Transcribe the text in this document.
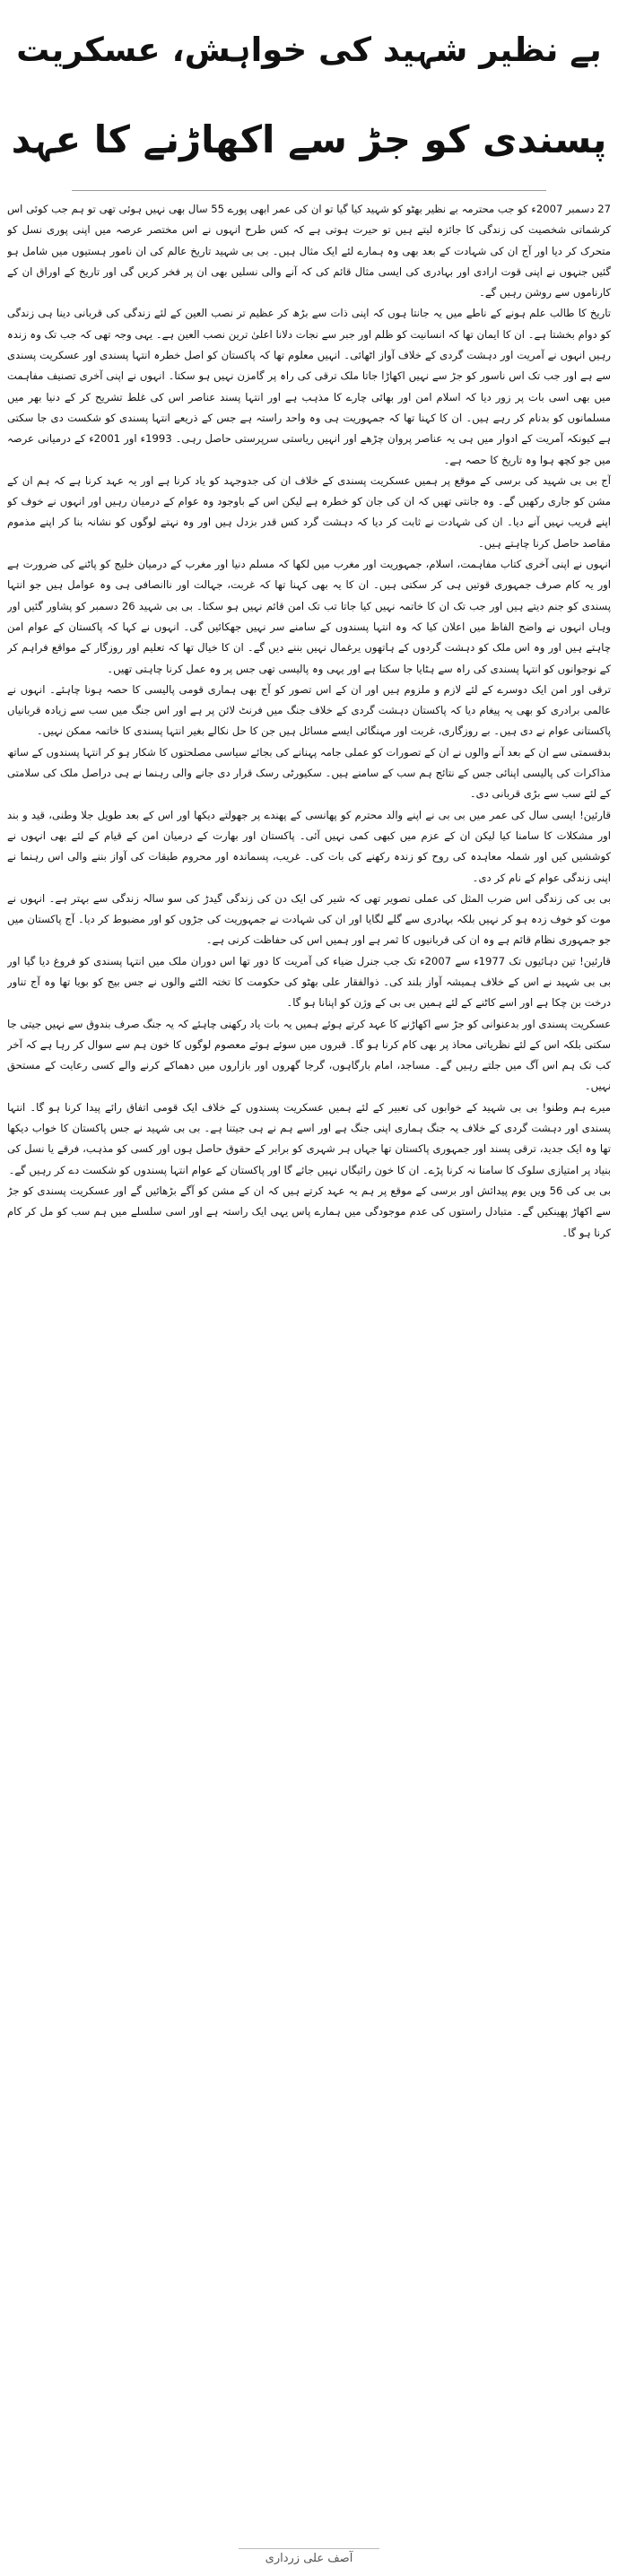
بے نظیر شہید کی خواہش، عسکریت
پسندی کو جڑ سے اکھاڑنے کا عہد

27 دسمبر 2007ء کو جب محترمہ بے نظیر بھٹو کو شہید کیا گیا تو ان کی عمر ابھی پورے 55 سال بھی نہیں ہوئی تھی تو ہم جب کوئی اس کرشماتی شخصیت کی زندگی کا جائزہ لیتے ہیں تو حیرت ہوتی ہے کہ کس طرح انہوں نے اس مختصر عرصہ میں اپنی پوری نسل کو متحرک کر دیا اور آج ان کی شہادت کے بعد بھی وہ ہمارے لئے ایک مثال ہیں۔ بی بی شہید تاریخ عالم کی ان نامور ہستیوں میں شامل ہو گئیں جنہوں نے اپنی قوت ارادی اور بہادری کی ایسی مثال قائم کی کہ آنے والی نسلیں بھی ان پر فخر کریں گی اور تاریخ کے اوراق ان کے کارناموں سے روشن رہیں گے۔

تاریخ کا طالب علم ہونے کے ناطے میں یہ جانتا ہوں کہ اپنی ذات سے بڑھ کر عظیم تر نصب العین کے لئے زندگی کی قربانی دینا ہی زندگی کو دوام بخشتا ہے۔ ان کا ایمان تھا کہ انسانیت کو ظلم اور جبر سے نجات دلانا اعلیٰ ترین نصب العین ہے۔ یہی وجہ تھی کہ جب تک وہ زندہ رہیں انہوں نے آمریت اور دہشت گردی کے خلاف آواز اٹھائی۔ انہیں معلوم تھا کہ پاکستان کو اصل خطرہ انتہا پسندی اور عسکریت پسندی سے ہے اور جب تک اس ناسور کو جڑ سے نہیں اکھاڑا جاتا ملک ترقی کی راہ پر گامزن نہیں ہو سکتا۔ انہوں نے اپنی آخری تصنیف مفاہمت میں بھی اسی بات پر زور دیا کہ اسلام امن اور بھائی چارے کا مذہب ہے اور انتہا پسند عناصر اس کی غلط تشریح کر کے دنیا بھر میں مسلمانوں کو بدنام کر رہے ہیں۔ ان کا کہنا تھا کہ جمہوریت ہی وہ واحد راستہ ہے جس کے ذریعے انتہا پسندی کو شکست دی جا سکتی ہے کیونکہ آمریت کے ادوار میں ہی یہ عناصر پروان چڑھے اور انہیں ریاستی سرپرستی حاصل رہی۔ 1993ء اور 2001ء کے درمیانی عرصہ میں جو کچھ ہوا وہ تاریخ کا حصہ ہے۔

آج بی بی شہید کی برسی کے موقع پر ہمیں عسکریت پسندی کے خلاف ان کی جدوجہد کو یاد کرنا ہے اور یہ عہد کرنا ہے کہ ہم ان کے مشن کو جاری رکھیں گے۔ وہ جانتی تھیں کہ ان کی جان کو خطرہ ہے لیکن اس کے باوجود وہ عوام کے درمیان رہیں اور انہوں نے خوف کو اپنے قریب نہیں آنے دیا۔ ان کی شہادت نے ثابت کر دیا کہ دہشت گرد کس قدر بزدل ہیں اور وہ نہتے لوگوں کو نشانہ بنا کر اپنے مذموم مقاصد حاصل کرنا چاہتے ہیں۔

انہوں نے اپنی آخری کتاب مفاہمت، اسلام، جمہوریت اور مغرب میں لکھا کہ مسلم دنیا اور مغرب کے درمیان خلیج کو پاٹنے کی ضرورت ہے اور یہ کام صرف جمہوری قوتیں ہی کر سکتی ہیں۔ ان کا یہ بھی کہنا تھا کہ غربت، جہالت اور ناانصافی ہی وہ عوامل ہیں جو انتہا پسندی کو جنم دیتے ہیں اور جب تک ان کا خاتمہ نہیں کیا جاتا تب تک امن قائم نہیں ہو سکتا۔ بی بی شہید 26 دسمبر کو پشاور گئیں اور وہاں انہوں نے واضح الفاظ میں اعلان کیا کہ وہ انتہا پسندوں کے سامنے سر نہیں جھکائیں گی۔ انہوں نے کہا کہ پاکستان کے عوام امن چاہتے ہیں اور وہ اس ملک کو دہشت گردوں کے ہاتھوں یرغمال نہیں بننے دیں گے۔ ان کا خیال تھا کہ تعلیم اور روزگار کے مواقع فراہم کر کے نوجوانوں کو انتہا پسندی کی راہ سے ہٹایا جا سکتا ہے اور یہی وہ پالیسی تھی جس پر وہ عمل کرنا چاہتی تھیں۔

ترقی اور امن ایک دوسرے کے لئے لازم و ملزوم ہیں اور ان کے اس تصور کو آج بھی ہماری قومی پالیسی کا حصہ ہونا چاہئے۔ انہوں نے عالمی برادری کو بھی یہ پیغام دیا کہ پاکستان دہشت گردی کے خلاف جنگ میں فرنٹ لائن پر ہے اور اس جنگ میں سب سے زیادہ قربانیاں پاکستانی عوام نے دی ہیں۔ بے روزگاری، غربت اور مہنگائی ایسے مسائل ہیں جن کا حل نکالے بغیر انتہا پسندی کا خاتمہ ممکن نہیں۔

بدقسمتی سے ان کے بعد آنے والوں نے ان کے تصورات کو عملی جامہ پہنانے کی بجائے سیاسی مصلحتوں کا شکار ہو کر انتہا پسندوں کے ساتھ مذاکرات کی پالیسی اپنائی جس کے نتائج ہم سب کے سامنے ہیں۔ سکیورٹی رسک قرار دی جانے والی رہنما نے ہی دراصل ملک کی سلامتی کے لئے سب سے بڑی قربانی دی۔

قارئین! ایسی سال کی عمر میں بی بی نے اپنے والد محترم کو پھانسی کے پھندے پر جھولتے دیکھا اور اس کے بعد طویل جلا وطنی، قید و بند اور مشکلات کا سامنا کیا لیکن ان کے عزم میں کبھی کمی نہیں آئی۔ پاکستان اور بھارت کے درمیان امن کے قیام کے لئے بھی انہوں نے کوششیں کیں اور شملہ معاہدہ کی روح کو زندہ رکھنے کی بات کی۔ غریب، پسماندہ اور محروم طبقات کی آواز بننے والی اس رہنما نے اپنی زندگی عوام کے نام کر دی۔

بی بی کی زندگی اس ضرب المثل کی عملی تصویر تھی کہ شیر کی ایک دن کی زندگی گیدڑ کی سو سالہ زندگی سے بہتر ہے۔ انہوں نے موت کو خوف زدہ ہو کر نہیں بلکہ بہادری سے گلے لگایا اور ان کی شہادت نے جمہوریت کی جڑوں کو اور مضبوط کر دیا۔ آج پاکستان میں جو جمہوری نظام قائم ہے وہ ان کی قربانیوں کا ثمر ہے اور ہمیں اس کی حفاظت کرنی ہے۔

قارئین! تین دہائیوں تک 1977ء سے 2007ء تک جب جنرل ضیاء کی آمریت کا دور تھا اس دوران ملک میں انتہا پسندی کو فروغ دیا گیا اور بی بی شہید نے اس کے خلاف ہمیشہ آواز بلند کی۔ ذوالفقار علی بھٹو کی حکومت کا تختہ الٹنے والوں نے جس بیج کو بویا تھا وہ آج تناور درخت بن چکا ہے اور اسے کاٹنے کے لئے ہمیں بی بی کے وژن کو اپنانا ہو گا۔

عسکریت پسندی اور بدعنوانی کو جڑ سے اکھاڑنے کا عہد کرتے ہوئے ہمیں یہ بات یاد رکھنی چاہئے کہ یہ جنگ صرف بندوق سے نہیں جیتی جا سکتی بلکہ اس کے لئے نظریاتی محاذ پر بھی کام کرنا ہو گا۔ قبروں میں سوئے ہوئے معصوم لوگوں کا خون ہم سے سوال کر رہا ہے کہ آخر کب تک ہم اس آگ میں جلتے رہیں گے۔ مساجد، امام بارگاہوں، گرجا گھروں اور بازاروں میں دھماکے کرنے والے کسی رعایت کے مستحق نہیں۔

میرے ہم وطنو! بی بی شہید کے خوابوں کی تعبیر کے لئے ہمیں عسکریت پسندوں کے خلاف ایک قومی اتفاق رائے پیدا کرنا ہو گا۔ انتہا پسندی اور دہشت گردی کے خلاف یہ جنگ ہماری اپنی جنگ ہے اور اسے ہم نے ہی جیتنا ہے۔ بی بی شہید نے جس پاکستان کا خواب دیکھا تھا وہ ایک جدید، ترقی پسند اور جمہوری پاکستان تھا جہاں ہر شہری کو برابر کے حقوق حاصل ہوں اور کسی کو مذہب، فرقے یا نسل کی بنیاد پر امتیازی سلوک کا سامنا نہ کرنا پڑے۔ ان کا خون رائیگاں نہیں جائے گا اور پاکستان کے عوام انتہا پسندوں کو شکست دے کر رہیں گے۔

بی بی کی 56 ویں یوم پیدائش اور برسی کے موقع پر ہم یہ عہد کرتے ہیں کہ ان کے مشن کو آگے بڑھائیں گے اور عسکریت پسندی کو جڑ سے اکھاڑ پھینکیں گے۔ متبادل راستوں کی عدم موجودگی میں ہمارے پاس یہی ایک راستہ ہے اور اسی سلسلے میں ہم سب کو مل کر کام کرنا ہو گا۔

آصف علی زرداری
